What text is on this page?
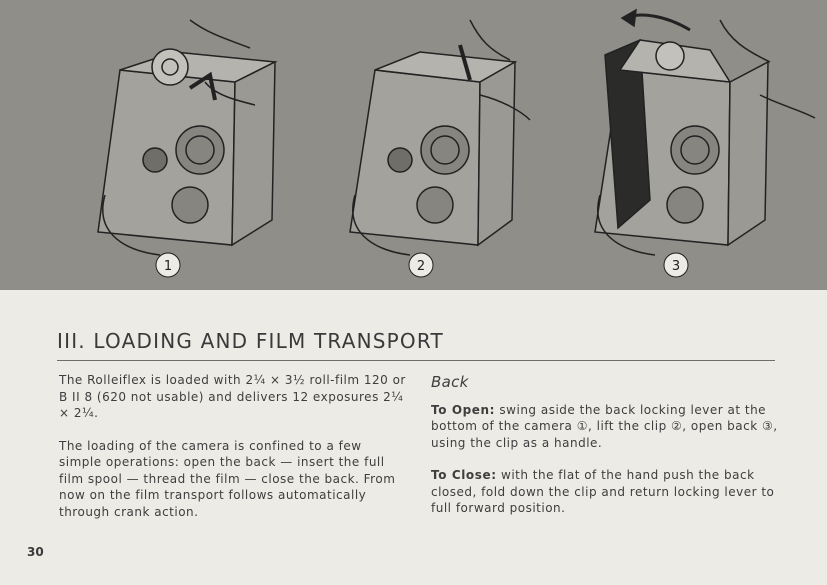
1	2	3
III. LOADING AND FILM TRANSPORT

The Rolleiflex is loaded with 2¼ × 3½ roll-film 120 or B II 8 (620 not usable) and delivers 12 exposures 2¼ × 2¼.

The loading of the camera is confined to a few simple operations: open the back — insert the full film spool — thread the film — close the back. From now on the film transport follows automatically through crank action.

Back

To Open: swing aside the back locking lever at the bottom of the camera ①, lift the clip ②, open back ③, using the clip as a handle.

To Close: with the flat of the hand push the back closed, fold down the clip and return locking lever to full forward position.

30
